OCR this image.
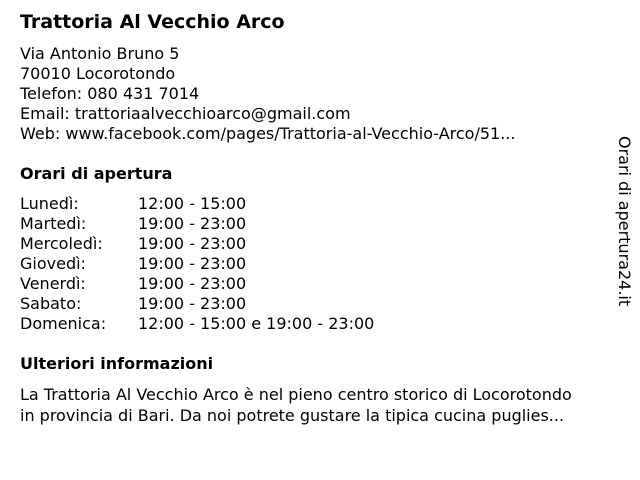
Trattoria Al Vecchio Arco
Via Antonio Bruno 5
70010 Locorotondo
Telefon: 080 431 7014
Email: trattoriaalvecchioarco@gmail.com
Web: www.facebook.com/pages/Trattoria-al-Vecchio-Arco/51...
Orari di apertura
Lunedì:	12:00 - 15:00
Martedì:	19:00 - 23:00
Mercoledì: 19:00 - 23:00
Giovedì:	19:00 - 23:00
Venerdì:	19:00 - 23:00
Sabato:	19:00 - 23:00
Domenica: 12:00 - 15:00 e 19:00 - 23:00
Ulteriori informazioni
La Trattoria Al Vecchio Arco è nel pieno centro storico di Locorotondo
in provincia di Bari. Da noi potrete gustare la tipica cucina puglies...
Orari di apertura24.it
